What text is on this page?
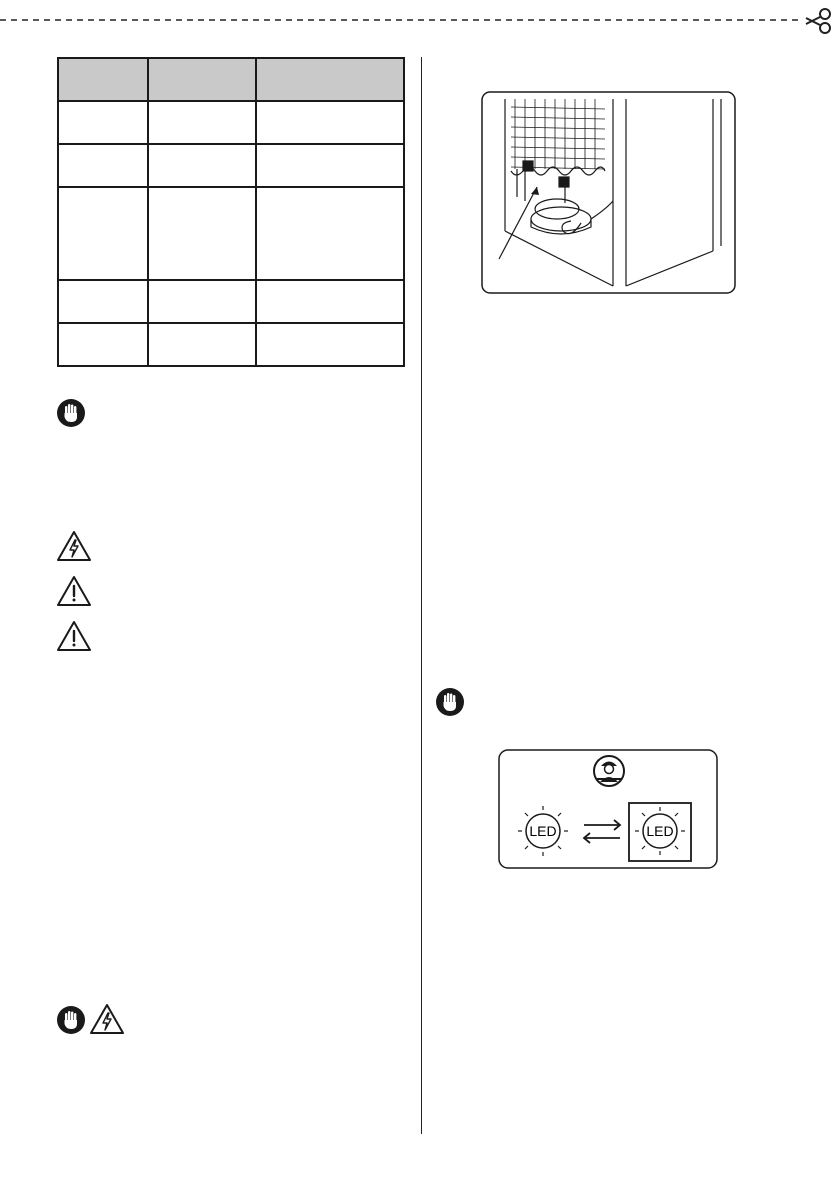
LED	LED
